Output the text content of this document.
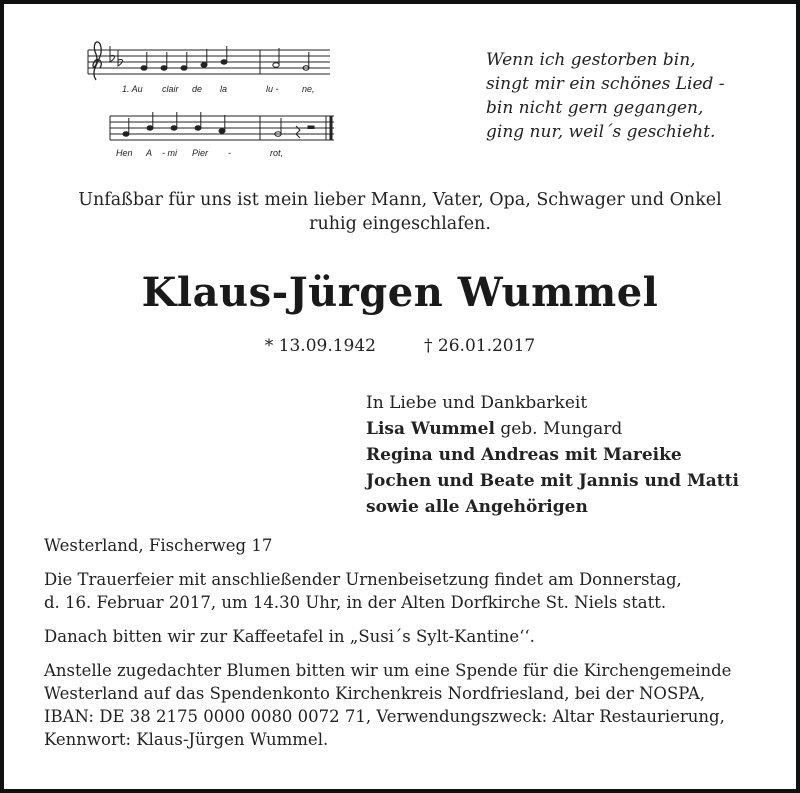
1. Au clair de la	lu -	ne,
Hen A - mi Pier -	rot,
Wenn ich gestorben bin,
singt mir ein schönes Lied -
bin nicht gern gegangen,
ging nur, weil´s geschieht.
Unfaßbar für uns ist mein lieber Mann, Vater, Opa, Schwager und Onkel
ruhig eingeschlafen.
Klaus-Jürgen Wummel
* 13.09.1942	† 26.01.2017
In Liebe und Dankbarkeit
Lisa Wummel geb. Mungard
Regina und Andreas mit Mareike
Jochen und Beate mit Jannis und Matti
sowie alle Angehörigen
Westerland, Fischerweg 17
Die Trauerfeier mit anschließender Urnenbeisetzung findet am Donnerstag,
d. 16. Februar 2017, um 14.30 Uhr, in der Alten Dorfkirche St. Niels statt.
Danach bitten wir zur Kaffeetafel in „Susi´s Sylt-Kantine‘‘.
Anstelle zugedachter Blumen bitten wir um eine Spende für die Kirchengemeinde
Westerland auf das Spendenkonto Kirchenkreis Nordfriesland, bei der NOSPA,
IBAN: DE 38 2175 0000 0080 0072 71, Verwendungszweck: Altar Restaurierung,
Kennwort: Klaus-Jürgen Wummel.
